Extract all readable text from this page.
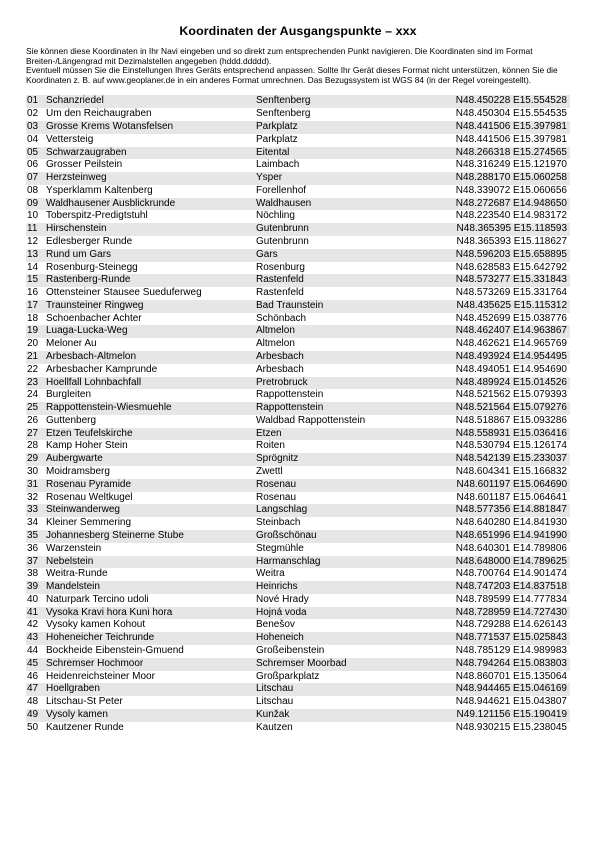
Koordinaten der Ausgangspunkte – xxx

Sie können diese Koordinaten in Ihr Navi eingeben und so direkt zum entsprechenden Punkt navigieren. Die Koordinaten sind im Format Breiten-/Längengrad mit Dezimalstellen angegeben (hddd.ddddd).

Eventuell müssen Sie die Einstellungen Ihres Geräts entsprechend anpassen. Sollte Ihr Gerät dieses Format nicht unterstützen, können Sie die Koordinaten z. B. auf www.geoplaner.de in ein anderes Format umrechnen. Das Bezugssystem ist WGS 84 (in der Regel voreingestellt).

01	Schanzriedel	Senftenberg	N48.450228 E15.554528
02	Um den Reichaugraben	Senftenberg	N48.450304 E15.554535
03	Grosse Krems Wotansfelsen	Parkplatz	N48.441506 E15.397981
04	Vettersteig	Parkplatz	N48.441506 E15.397981
05	Schwarzaugraben	Eitental	N48.266318 E15.274565
06	Grosser Peilstein	Laimbach	N48.316249 E15.121970
07	Herzsteinweg	Ysper	N48.288170 E15.060258
08	Ysperklamm Kaltenberg	Forellenhof	N48.339072 E15.060656
09	Waldhausener Ausblickrunde	Waldhausen	N48.272687 E14.948650
10	Toberspitz-Predigtstuhl	Nöchling	N48.223540 E14.983172
11	Hirschenstein	Gutenbrunn	N48.365395 E15.118593
12	Edlesberger Runde	Gutenbrunn	N48.365393 E15.118627
13	Rund um Gars	Gars	N48.596203 E15.658895
14	Rosenburg-Steinegg	Rosenburg	N48.628583 E15.642792
15	Rastenberg-Runde	Rastenfeld	N48.573277 E15.331843
16	Ottensteiner Stausee Sueduferweg	Rastenfeld	N48.573269 E15.331764
17	Traunsteiner Ringweg	Bad Traunstein	N48.435625 E15.115312
18	Schoenbacher Achter	Schönbach	N48.452699 E15.038776
19	Luaga-Lucka-Weg	Altmelon	N48.462407 E14.963867
20	Meloner Au	Altmelon	N48.462621 E14.965769
21	Arbesbach-Altmelon	Arbesbach	N48.493924 E14.954495
22	Arbesbacher Kamprunde	Arbesbach	N48.494051 E14.954690
23	Hoellfall Lohnbachfall	Pretrobruck	N48.489924 E15.014526
24	Burgleiten	Rappottenstein	N48.521562 E15.079393
25	Rappottenstein-Wiesmuehle	Rappottenstein	N48.521564 E15.079276
26	Guttenberg	Waldbad Rappottenstein	N48.518867 E15.093286
27	Etzen Teufelskirche	Etzen	N48.558931 E15.036416
28	Kamp Hoher Stein	Roiten	N48.530794 E15.126174
29	Aubergwarte	Sprögnitz	N48.542139 E15.233037
30	Moidramsberg	Zwettl	N48.604341 E15.166832
31	Rosenau Pyramide	Rosenau	N48.601197 E15.064690
32	Rosenau Weltkugel	Rosenau	N48.601187 E15.064641
33	Steinwanderweg	Langschlag	N48.577356 E14.881847
34	Kleiner Semmering	Steinbach	N48.640280 E14.841930
35	Johannesberg Steinerne Stube	Großschönau	N48.651996 E14.941990
36	Warzenstein	Stegmühle	N48.640301 E14.789806
37	Nebelstein	Harmanschlag	N48.648000 E14.789625
38	Weitra-Runde	Weitra	N48.700764 E14.901474
39	Mandelstein	Heinrichs	N48.747203 E14.837518
40	Naturpark Tercino udoli	Nové Hrady	N48.789599 E14.777834
41	Vysoka Kravi hora Kuni hora	Hojná voda	N48.728959 E14.727430
42	Vysoky kamen Kohout	Benešov	N48.729288 E14.626143
43	Hoheneicher Teichrunde	Hoheneich	N48.771537 E15.025843
44	Bockheide Eibenstein-Gmuend	Großeibenstein	N48.785129 E14.989983
45	Schremser Hochmoor	Schremser Moorbad	N48.794264 E15.083803
46	Heidenreichsteiner Moor	Großparkplatz	N48.860701 E15.135064
47	Hoellgraben	Litschau	N48.944465 E15.046169
48	Litschau-St Peter	Litschau	N48.944621 E15.043807
49	Vysoly kamen	Kunžak	N49.121156 E15.190419
50	Kautzener Runde	Kautzen	N48.930215 E15.238045
